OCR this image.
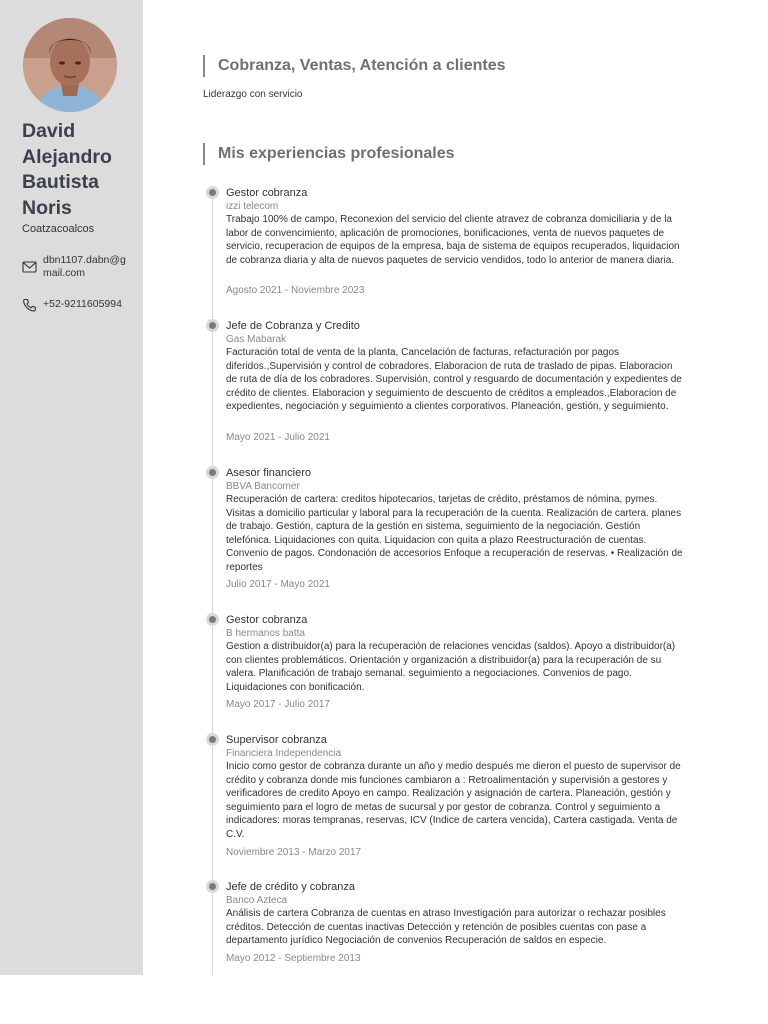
David
Alejandro
Bautista
Noris
Coatzacoalcos
dbn1107.dabn@gmail.com
+52-9211605994
Cobranza, Ventas, Atención a clientes
Liderazgo con servicio
Mis experiencias profesionales
Gestor cobranza
izzi telecom
Trabajo 100% de campo, Reconexion del servicio del cliente atravez de cobranza domiciliaria y de la labor de convencimiento, aplicación de promociones, bonificaciones, venta de nuevos paquetes de servicio, recuperacion de equipos de la empresa, baja de sistema de equipos recuperados, liquidacion de cobranza diaria y alta de nuevos paquetes de servicio vendidos, todo lo anterior de manera diaria.
Agosto 2021 - Noviembre 2023
Jefe de Cobranza y Credito
Gas Mabarak
Facturación total de venta de la planta, Cancelación de facturas, refacturación por pagos diferidos.,Supervisión y control de cobradores. Elaboracion de ruta de traslado de pipas. Elaboracion de ruta de día de los cobradores. Supervisión, control y resguardo de documentación y expedientes de crédito de clientes. Elaboracion y seguimiento de descuento de créditos a empleados.,Elaboracion de expedientes, negociación y seguimiento a clientes corporativos. Planeación, gestión, y seguimiento.
Mayo 2021 - Julio 2021
Asesor financiero
BBVA Bancomer
Recuperación de cartera: creditos hipotecarios, tarjetas de crédito, préstamos de nómina, pymes. Visitas a domicilio particular y laboral para la recuperación de la cuenta. Realización de cartera. planes de trabajo. Gestión, captura de la gestión en sistema, seguimiento de la negociación. Gestión telefónica. Liquidaciones con quita. Liquidacion con quita a plazo Reestructuración de cuentas. Convenio de pagos. Condonación de accesorios Enfoque a recuperación de reservas. • Realización de reportes
Julio 2017 - Mayo 2021
Gestor cobranza
B hermanos batta
Gestion a distribuidor(a) para la recuperación de relaciones vencidas (saldos). Apoyo a distribuidor(a) con clientes problemáticos. Orientación y organización a distribuidor(a) para la recuperación de su valera. Planificación de trabajo semanal. seguimiento a negociaciones. Convenios de pago. Liquidaciones con bonificación.
Mayo 2017 - Julio 2017
Supervisor cobranza
Financiera Independencia
Inicio como gestor de cobranza durante un año y medio después me dieron el puesto de supervisor de crédito y cobranza donde mis funciones cambiaron a : Retroalimentación y supervisión a gestores y verificadores de credito Apoyo en campo. Realización y asignación de cartera. Planeación, gestión y seguimiento para el logro de metas de sucursal y por gestor de cobranza. Control y seguimiento a indicadores: moras tempranas, reservas, ICV (Indice de cartera vencida), Cartera castigada. Venta de C.V.
Noviembre 2013 - Marzo 2017
Jefe de crédito y cobranza
Banco Azteca
Análisis de cartera Cobranza de cuentas en atraso Investigación para autorizar o rechazar posibles créditos. Detección de cuentas inactivas Detección y retención de posibles cuentas con pase a departamento jurídico Negociación de convenios Recuperación de saldos en especie.
Mayo 2012 - Septiembre 2013
